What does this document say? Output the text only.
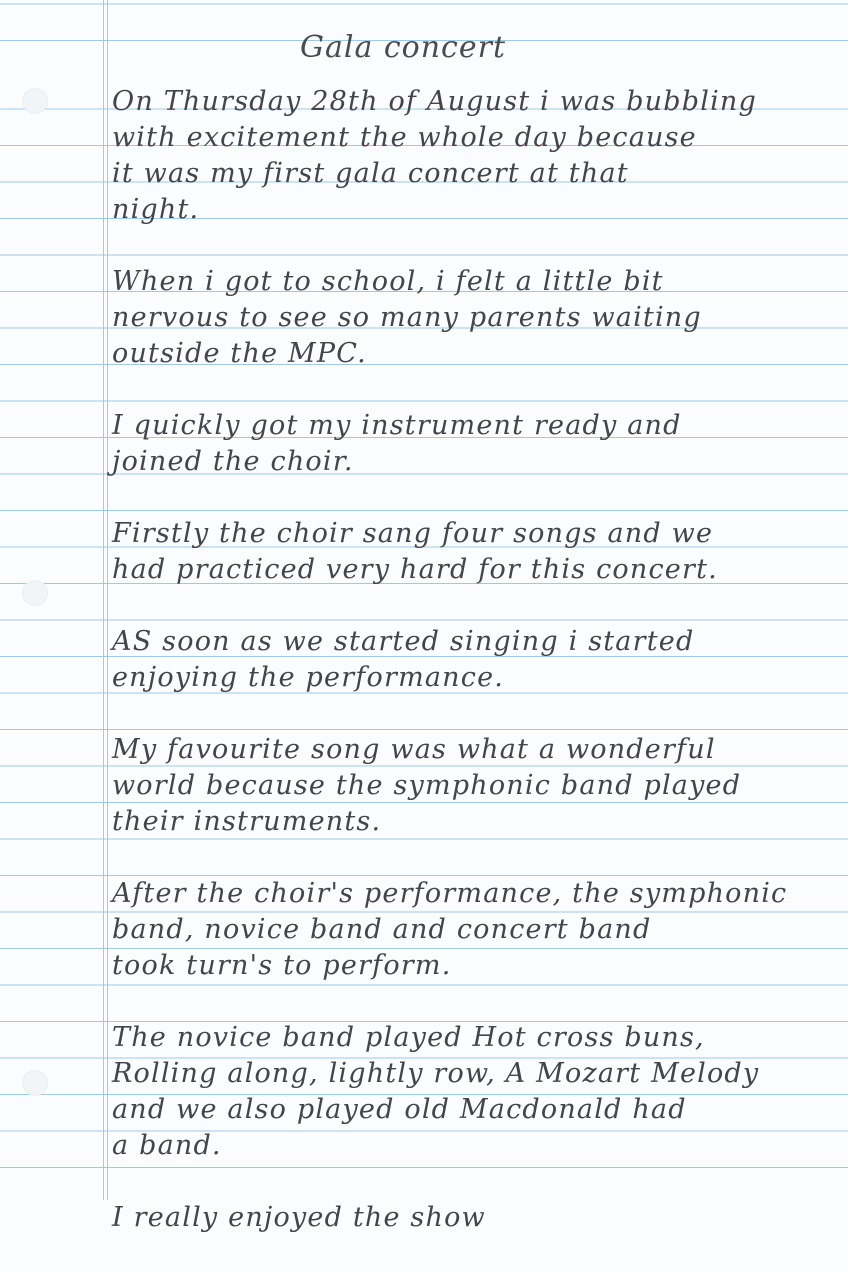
Gala concert
On Thursday 28th of August i was bubbling
with excitement the whole day because
it was my first gala concert at that
night.
When i got to school, i felt a little bit
nervous to see so many parents waiting
outside the MPC.
I quickly got my instrument ready and
joined the choir.
Firstly the choir sang four songs and we
had practiced very hard for this concert.
AS soon as we started singing i started
enjoying the performance.
My favourite song was what a wonderful
world because the symphonic band played
their instruments.
After the choir's performance, the symphonic
band, novice band and concert band
took turn's to perform.
The novice band played Hot cross buns,
Rolling along, lightly row, A Mozart Melody
and we also played old Macdonald had
a band.
I really enjoyed the show
